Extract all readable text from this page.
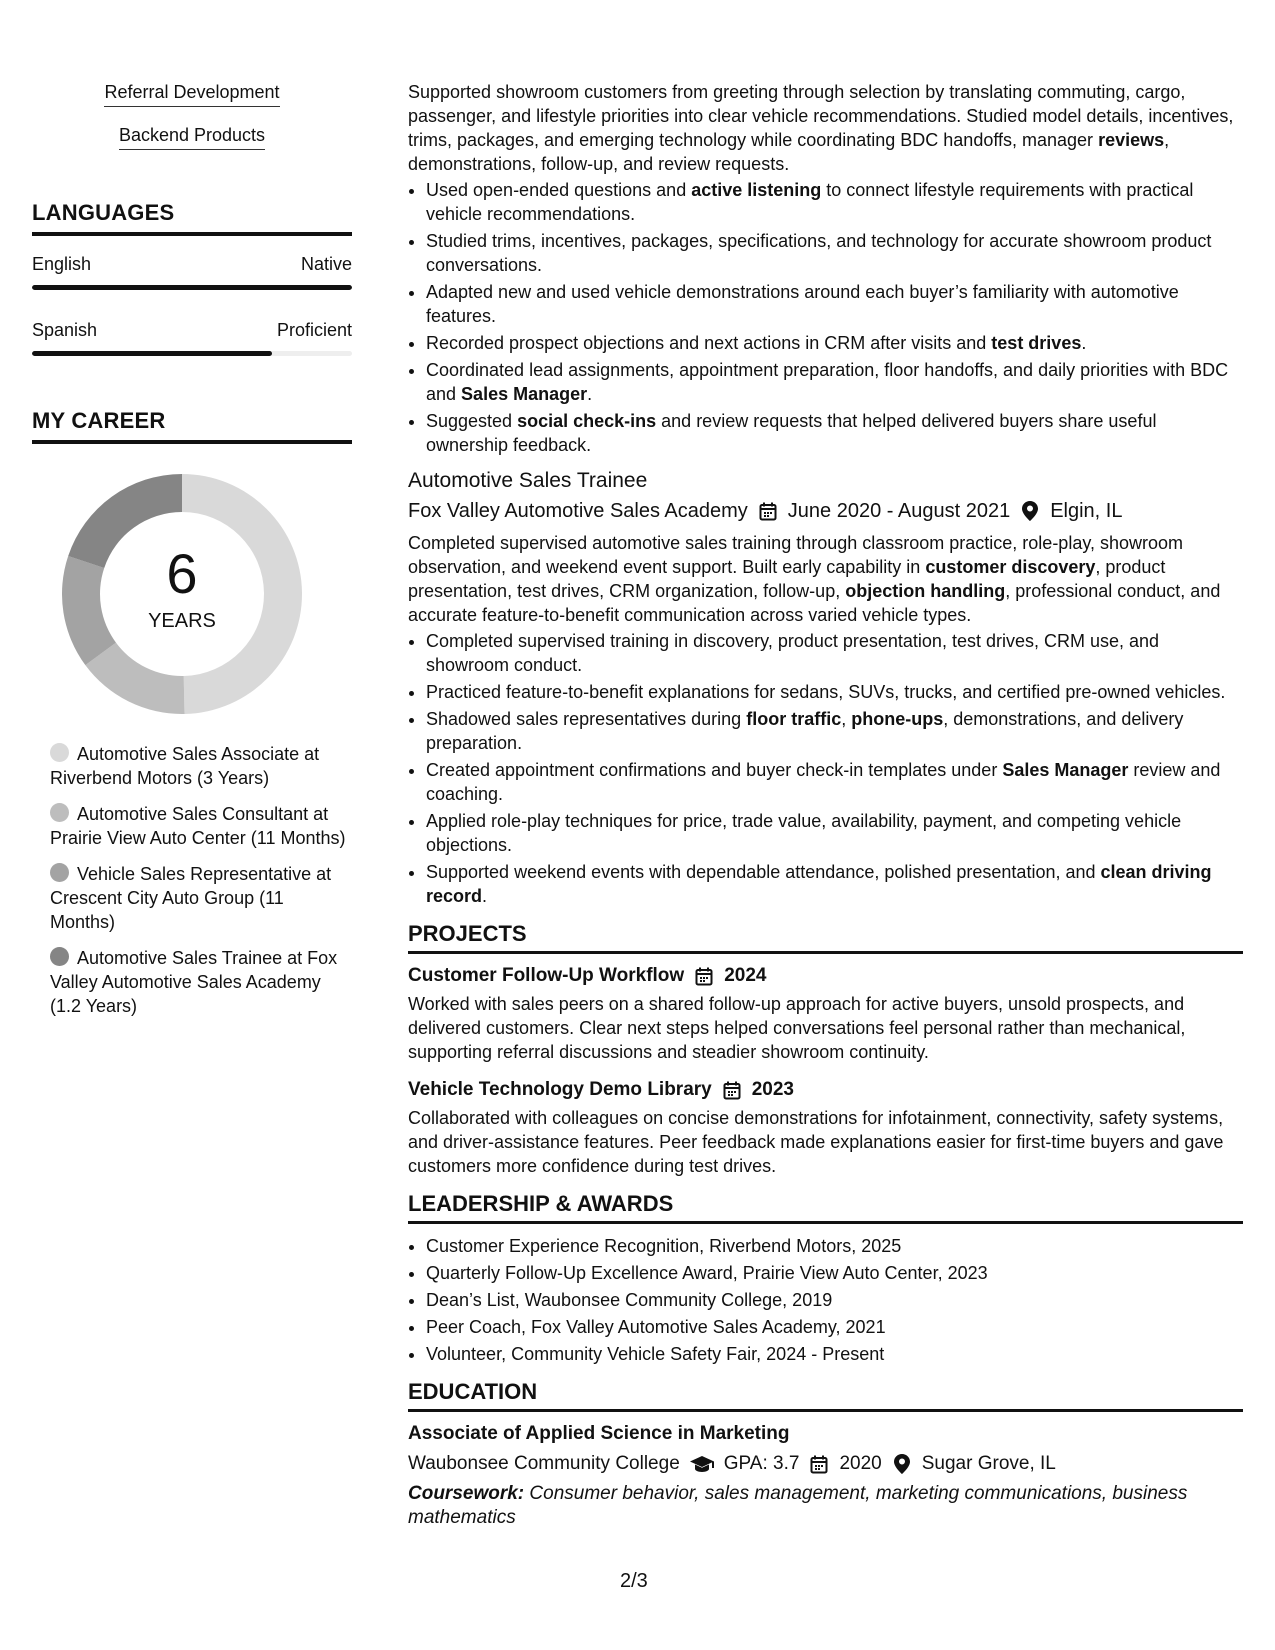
Referral Development
Backend Products
LANGUAGES
English	Native
Spanish	Proficient
MY CAREER
6
YEARS
Automotive Sales Associate at Riverbend Motors (3 Years)
Automotive Sales Consultant at Prairie View Auto Center (11 Months)
Vehicle Sales Representative at Crescent City Auto Group (11 Months)
Automotive Sales Trainee at Fox Valley Automotive Sales Academy (1.2 Years)

Supported showroom customers from greeting through selection by translating commuting, cargo, passenger, and lifestyle priorities into clear vehicle recommendations. Studied model details, incentives, trims, packages, and emerging technology while coordinating BDC handoffs, manager reviews, demonstrations, follow-up, and review requests.

• Used open-ended questions and active listening to connect lifestyle requirements with practical vehicle recommendations.
• Studied trims, incentives, packages, specifications, and technology for accurate showroom product conversations.
• Adapted new and used vehicle demonstrations around each buyer’s familiarity with automotive features.
• Recorded prospect objections and next actions in CRM after visits and test drives.
• Coordinated lead assignments, appointment preparation, floor handoffs, and daily priorities with BDC and Sales Manager.
• Suggested social check-ins and review requests that helped delivered buyers share useful ownership feedback.
Automotive Sales Trainee
Fox Valley Automotive Sales Academy June 2020 - August 2021 Elgin, IL

Completed supervised automotive sales training through classroom practice, role-play, showroom observation, and weekend event support. Built early capability in customer discovery, product presentation, test drives, CRM organization, follow-up, objection handling, professional conduct, and accurate feature-to-benefit communication across varied vehicle types.

• Completed supervised training in discovery, product presentation, test drives, CRM use, and showroom conduct.
• Practiced feature-to-benefit explanations for sedans, SUVs, trucks, and certified pre-owned vehicles.
• Shadowed sales representatives during floor traffic, phone-ups, demonstrations, and delivery preparation.
• Created appointment confirmations and buyer check-in templates under Sales Manager review and coaching.
• Applied role-play techniques for price, trade value, availability, payment, and competing vehicle objections.
• Supported weekend events with dependable attendance, polished presentation, and clean driving record.
PROJECTS
Customer Follow-Up Workflow 2024
Worked with sales peers on a shared follow-up approach for active buyers, unsold prospects, and delivered customers. Clear next steps helped conversations feel personal rather than mechanical, supporting referral discussions and steadier showroom continuity.
Vehicle Technology Demo Library 2023
Collaborated with colleagues on concise demonstrations for infotainment, connectivity, safety systems, and driver-assistance features. Peer feedback made explanations easier for first-time buyers and gave customers more confidence during test drives.
LEADERSHIP & AWARDS
• Customer Experience Recognition, Riverbend Motors, 2025
• Quarterly Follow-Up Excellence Award, Prairie View Auto Center, 2023
• Dean’s List, Waubonsee Community College, 2019
• Peer Coach, Fox Valley Automotive Sales Academy, 2021
• Volunteer, Community Vehicle Safety Fair, 2024 - Present
EDUCATION
Associate of Applied Science in Marketing
Waubonsee Community College GPA: 3.7 2020 Sugar Grove, IL
Coursework: Consumer behavior, sales management, marketing communications, business mathematics
2/3
